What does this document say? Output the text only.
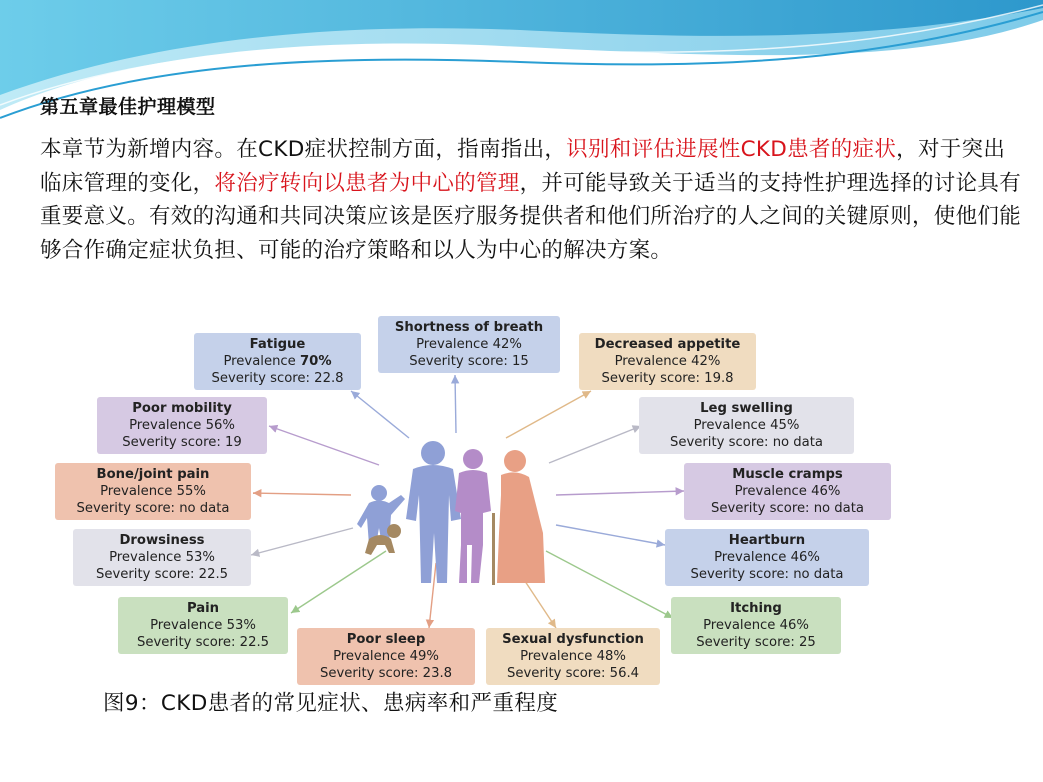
第五章最佳护理模型
本章节为新增内容。在CKD症状控制方面，指南指出，识别和评估进展性CKD患者的症状，对于突出临床管理的变化，将治疗转向以患者为中心的管理，并可能导致关于适当的支持性护理选择的讨论具有重要意义。有效的沟通和共同决策应该是医疗服务提供者和他们所治疗的人之间的关键原则，使他们能够合作确定症状负担、可能的治疗策略和以人为中心的解决方案。
Fatigue
Prevalence 70%
Severity score: 22.8
Shortness of breath
Prevalence 42%
Severity score: 15
Decreased appetite
Prevalence 42%
Severity score: 19.8
Poor mobility
Prevalence 56%
Severity score: 19
Leg swelling
Prevalence 45%
Severity score: no data
Bone/joint pain
Prevalence 55%
Severity score: no data
Muscle cramps
Prevalence 46%
Severity score: no data
Drowsiness
Prevalence 53%
Severity score: 22.5
Heartburn
Prevalence 46%
Severity score: no data
Pain
Prevalence 53%
Severity score: 22.5
Itching
Prevalence 46%
Severity score: 25
Poor sleep
Prevalence 49%
Severity score: 23.8
Sexual dysfunction
Prevalence 48%
Severity score: 56.4
图9：CKD患者的常见症状、患病率和严重程度
